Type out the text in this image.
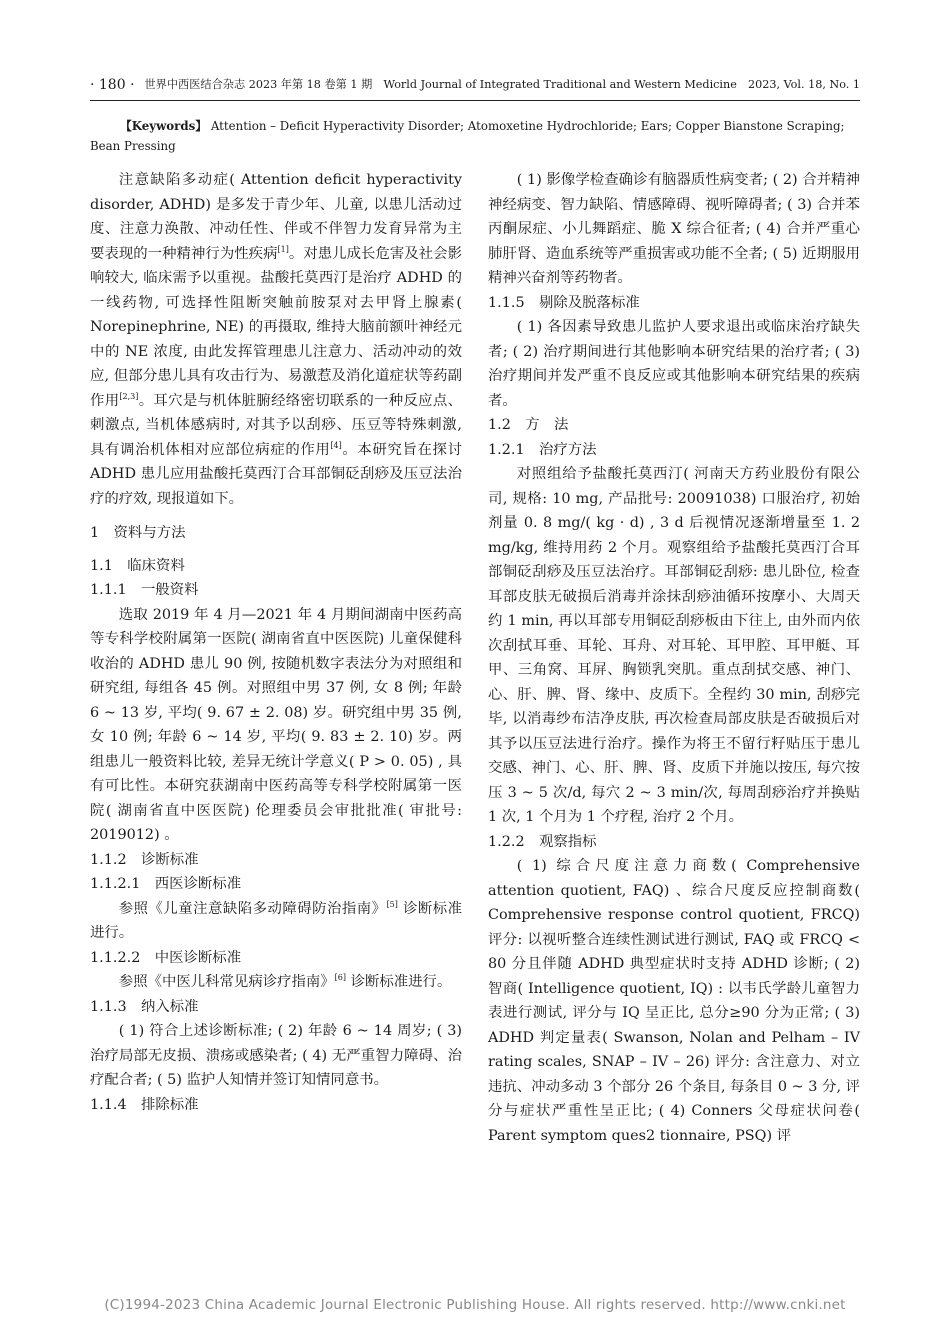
· 180 · 世界中西医结合杂志 2023 年第 18 卷第 1 期　World Journal of Integrated Traditional and Western Medicine　2023, Vol. 18, No. 1
【Keywords】 Attention – Deficit Hyperactivity Disorder; Atomoxetine Hydrochloride; Ears; Copper Bianstone Scraping; Bean Pressing

注意缺陷多动症( Attention deficit hyperactivity disorder, ADHD) 是多发于青少年、儿童, 以患儿活动过度、注意力涣散、冲动任性、伴或不伴智力发育异常为主要表现的一种精神行为性疾病[1]。对患儿成长危害及社会影响较大, 临床需予以重视。盐酸托莫西汀是治疗 ADHD 的一线药物, 可选择性阻断突触前胺泵对去甲肾上腺素( Norepinephrine, NE) 的再摄取, 维持大脑前额叶神经元中的 NE 浓度, 由此发挥管理患儿注意力、活动冲动的效应, 但部分患儿具有攻击行为、易激惹及消化道症状等药副作用[2,3]。耳穴是与机体脏腑经络密切联系的一种反应点、刺激点, 当机体感病时, 对其予以刮痧、压豆等特殊刺激, 具有调治机体相对应部位病症的作用[4]。本研究旨在探讨 ADHD 患儿应用盐酸托莫西汀合耳部铜砭刮痧及压豆法治疗的疗效, 现报道如下。

1　资料与方法

1.1　临床资料

1.1.1　一般资料

选取 2019 年 4 月—2021 年 4 月期间湖南中医药高等专科学校附属第一医院( 湖南省直中医医院) 儿童保健科收治的 ADHD 患儿 90 例, 按随机数字表法分为对照组和研究组, 每组各 45 例。对照组中男 37 例, 女 8 例; 年龄 6 ~ 13 岁, 平均( 9. 67 ± 2. 08) 岁。研究组中男 35 例, 女 10 例; 年龄 6 ~ 14 岁, 平均( 9. 83 ± 2. 10) 岁。两组患儿一般资料比较, 差异无统计学意义( P > 0. 05) , 具有可比性。本研究获湖南中医药高等专科学校附属第一医院( 湖南省直中医医院) 伦理委员会审批批准( 审批号: 2019012) 。

1.1.2　诊断标准

1.1.2.1　西医诊断标准

参照《儿童注意缺陷多动障碍防治指南》[5] 诊断标准进行。

1.1.2.2　中医诊断标准

参照《中医儿科常见病诊疗指南》[6] 诊断标准进行。

1.1.3　纳入标准

( 1) 符合上述诊断标准; ( 2) 年龄 6 ~ 14 周岁; ( 3) 治疗局部无皮损、溃疡或感染者; ( 4) 无严重智力障碍、治疗配合者; ( 5) 监护人知情并签订知情同意书。

1.1.4　排除标准

( 1) 影像学检查确诊有脑器质性病变者; ( 2) 合并精神神经病变、智力缺陷、情感障碍、视听障碍者; ( 3) 合并苯丙酮尿症、小儿舞蹈症、脆 X 综合征者; ( 4) 合并严重心肺肝肾、造血系统等严重损害或功能不全者; ( 5) 近期服用精神兴奋剂等药物者。

1.1.5　剔除及脱落标准

( 1) 各因素导致患儿监护人要求退出或临床治疗缺失者; ( 2) 治疗期间进行其他影响本研究结果的治疗者; ( 3) 治疗期间并发严重不良反应或其他影响本研究结果的疾病者。

1.2　方　法

1.2.1　治疗方法

对照组给予盐酸托莫西汀( 河南天方药业股份有限公司, 规格: 10 mg, 产品批号: 20091038) 口服治疗, 初始剂量 0. 8 mg/( kg · d) , 3 d 后视情况逐渐增量至 1. 2 mg/kg, 维持用药 2 个月。观察组给予盐酸托莫西汀合耳部铜砭刮痧及压豆法治疗。耳部铜砭刮痧: 患儿卧位, 检查耳部皮肤无破损后消毒并涂抹刮痧油循环按摩小、大周天约 1 min, 再以耳部专用铜砭刮痧板由下往上, 由外而内依次刮拭耳垂、耳轮、耳舟、对耳轮、耳甲腔、耳甲艇、耳甲、三角窝、耳屏、胸锁乳突肌。重点刮拭交感、神门、心、肝、脾、肾、缘中、皮质下。全程约 30 min, 刮痧完毕, 以消毒纱布洁净皮肤, 再次检查局部皮肤是否破损后对其予以压豆法进行治疗。操作为将王不留行籽贴压于患儿交感、神门、心、肝、脾、肾、皮质下并施以按压, 每穴按压 3 ~ 5 次/d, 每穴 2 ~ 3 min/次, 每周刮痧治疗并换贴 1 次, 1 个月为 1 个疗程, 治疗 2 个月。

1.2.2　观察指标

( 1) 综合尺度注意力商数( Comprehensive attention quotient, FAQ) 、综合尺度反应控制商数( Comprehensive response control quotient, FRCQ) 评分: 以视听整合连续性测试进行测试, FAQ 或 FRCQ < 80 分且伴随 ADHD 典型症状时支持 ADHD 诊断; ( 2) 智商( Intelligence quotient, IQ) : 以韦氏学龄儿童智力表进行测试, 评分与 IQ 呈正比, 总分≥90 分为正常; ( 3) ADHD 判定量表( Swanson, Nolan and Pelham – IV rating scales, SNAP – IV – 26) 评分: 含注意力、对立违抗、冲动多动 3 个部分 26 个条目, 每条目 0 ~ 3 分, 评分与症状严重性呈正比; ( 4) Conners 父母症状问卷( Parent symptom ques2 tionnaire, PSQ) 评

(C)1994-2023 China Academic Journal Electronic Publishing House. All rights reserved. http://www.cnki.net
